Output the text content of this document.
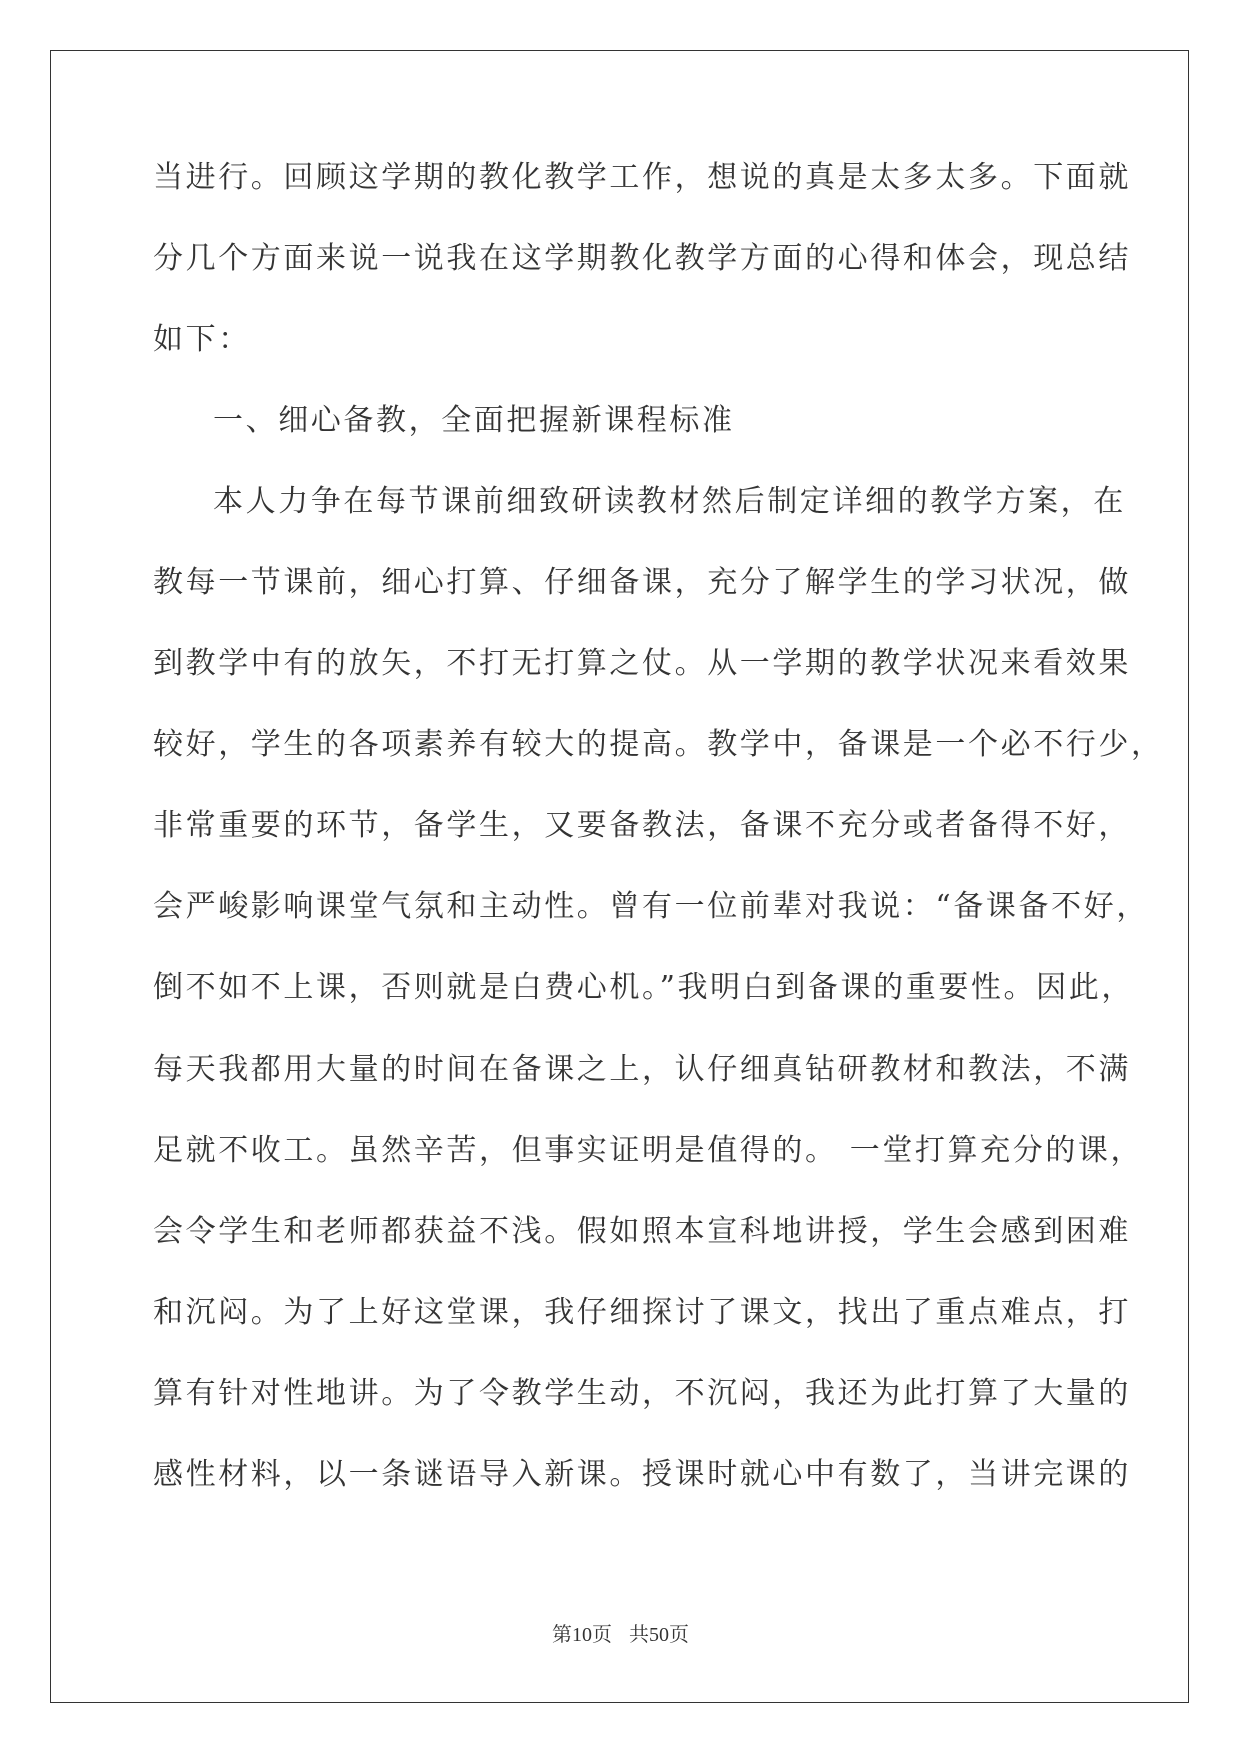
当进行。回顾这学期的教化教学工作，想说的真是太多太多。下面就
分几个方面来说一说我在这学期教化教学方面的心得和体会，现总结
如下：
一、细心备教，全面把握新课程标准
本人力争在每节课前细致研读教材然后制定详细的教学方案，在
教每一节课前，细心打算、仔细备课，充分了解学生的学习状况，做
到教学中有的放矢，不打无打算之仗。从一学期的教学状况来看效果
较好，学生的各项素养有较大的提高。教学中，备课是一个必不行少，
非常重要的环节，备学生，又要备教法，备课不充分或者备得不好，
会严峻影响课堂气氛和主动性。曾有一位前辈对我说：“备课备不好，
倒不如不上课，否则就是白费心机。”我明白到备课的重要性。因此，
每天我都用大量的时间在备课之上，认仔细真钻研教材和教法，不满
足就不收工。虽然辛苦，但事实证明是值得的。 一堂打算充分的课，
会令学生和老师都获益不浅。假如照本宣科地讲授，学生会感到困难
和沉闷。为了上好这堂课，我仔细探讨了课文，找出了重点难点，打
算有针对性地讲。为了令教学生动，不沉闷，我还为此打算了大量的
感性材料，以一条谜语导入新课。授课时就心中有数了，当讲完课的
第10页 共50页
